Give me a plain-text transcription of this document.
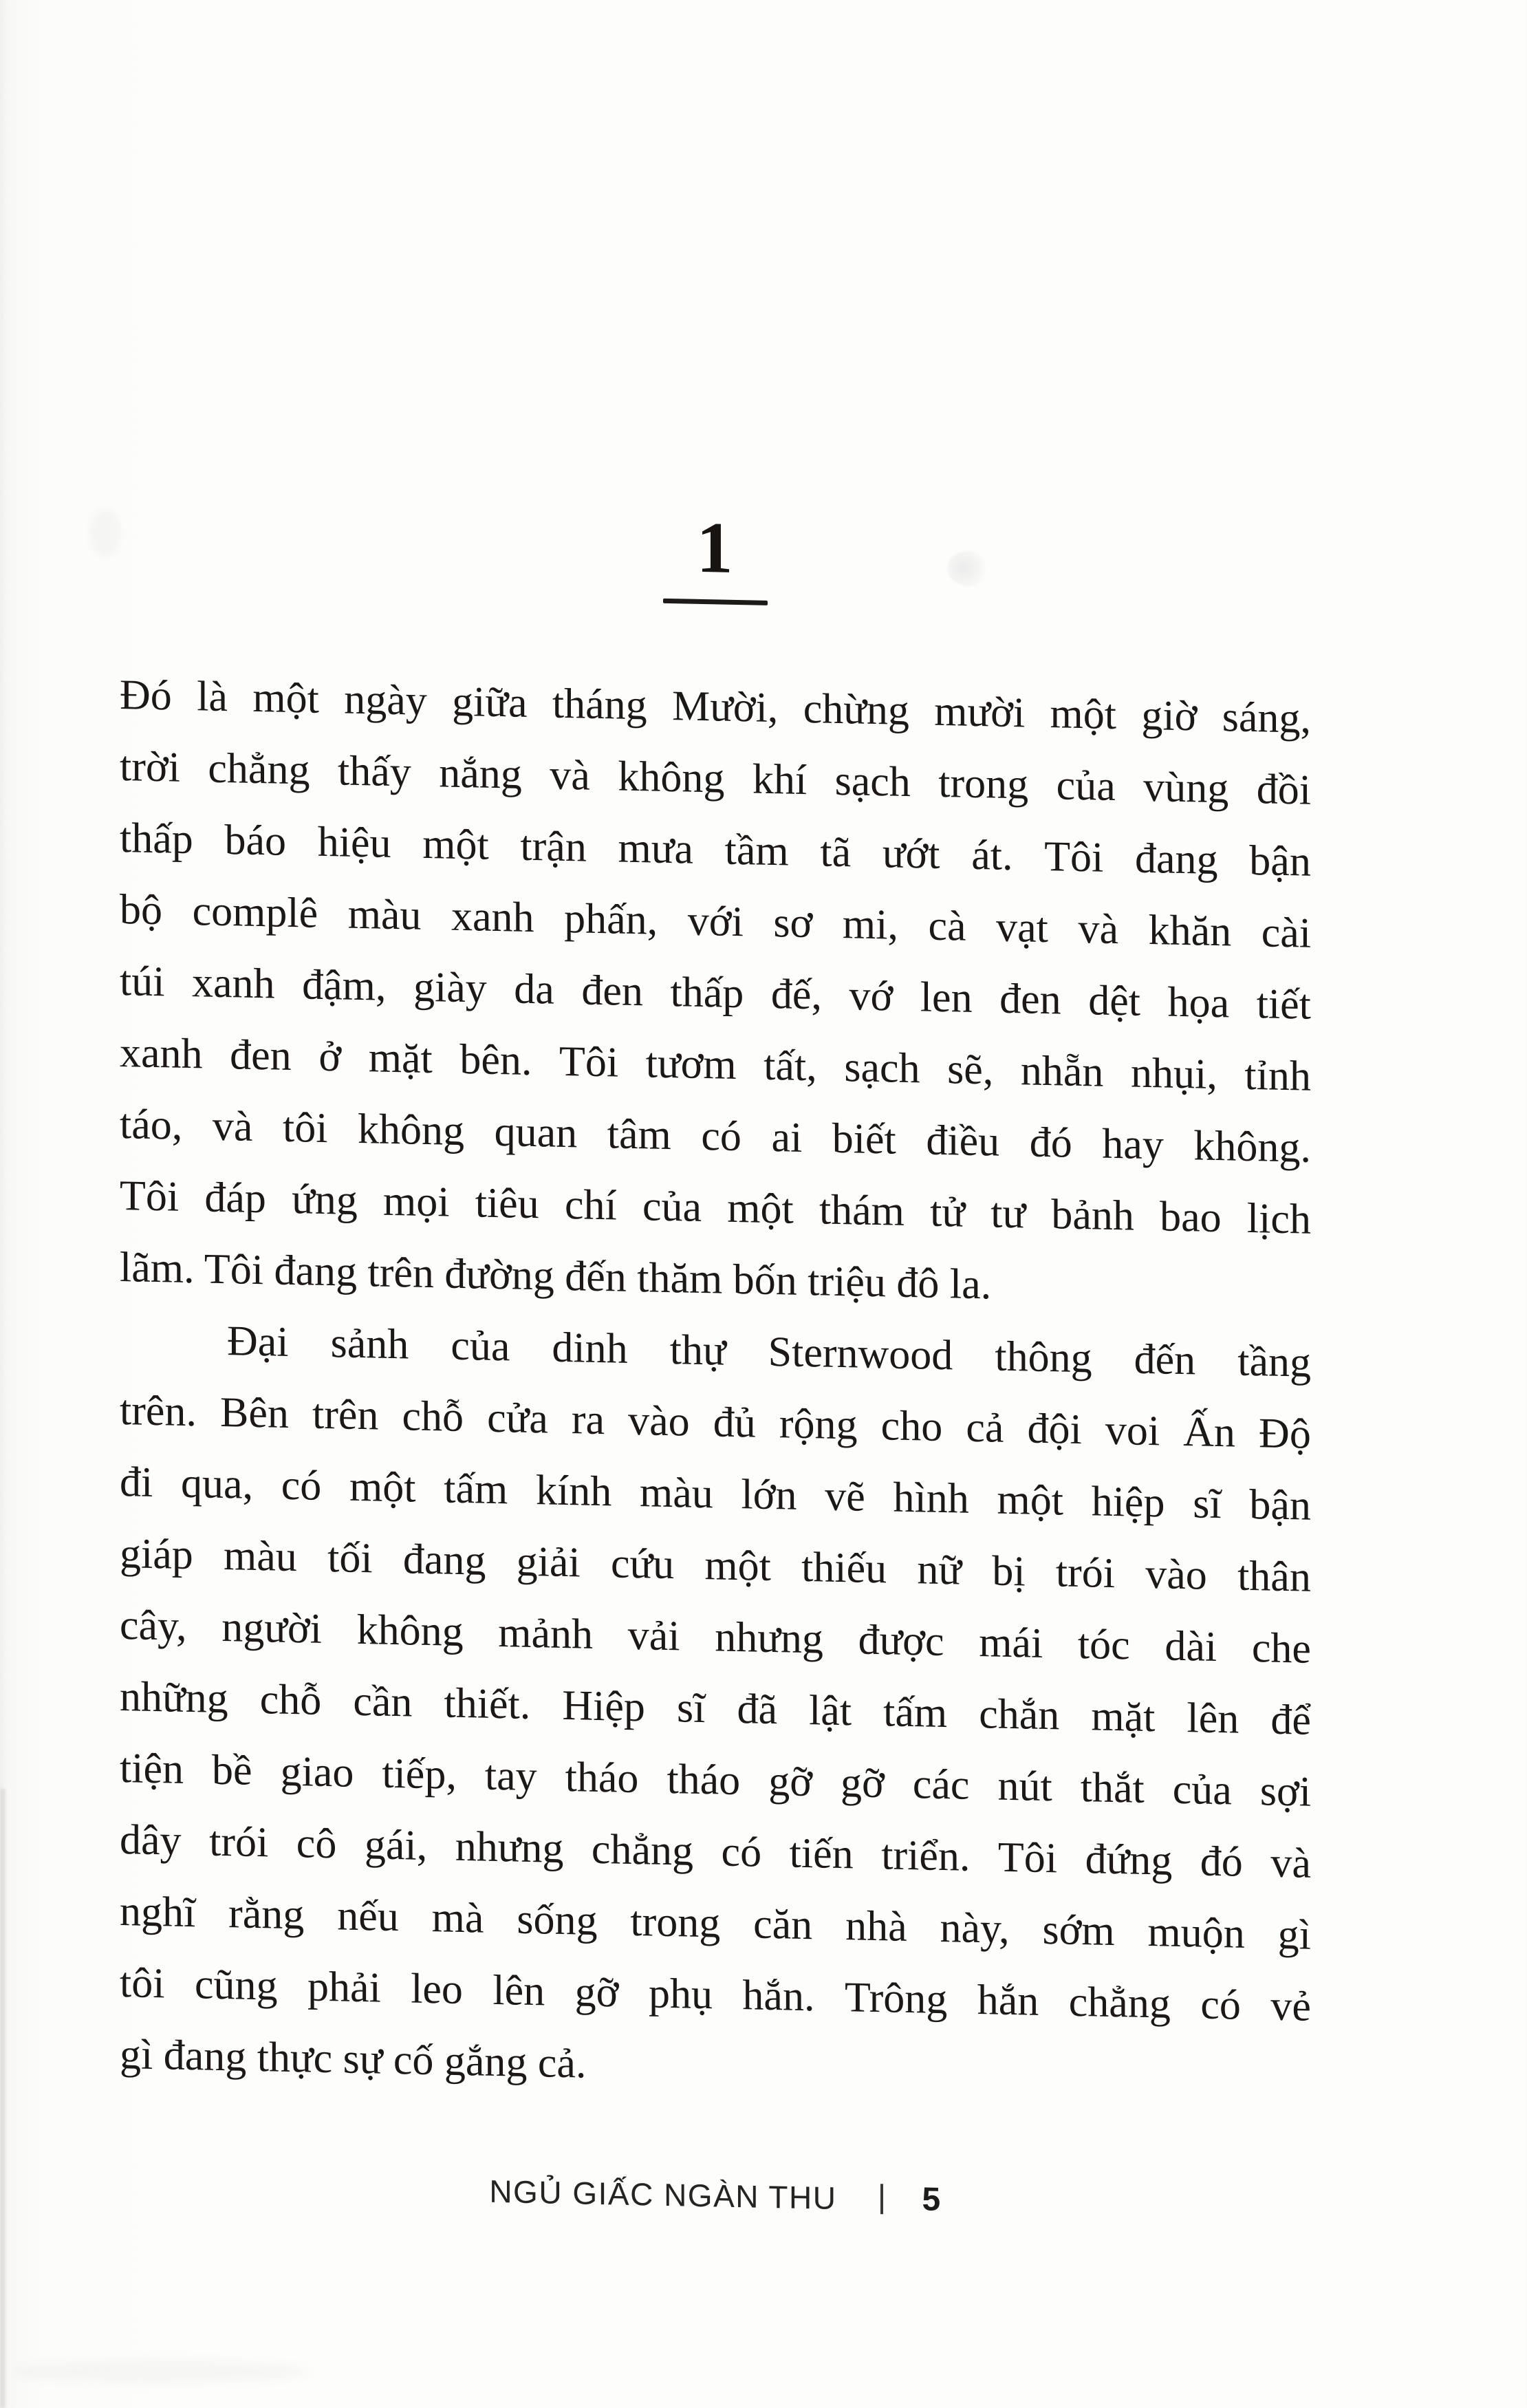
1
Đó là một ngày giữa tháng Mười, chừng mười một giờ sáng,
trời chẳng thấy nắng và không khí sạch trong của vùng đồi
thấp báo hiệu một trận mưa tầm tã ướt át. Tôi đang bận
bộ complê màu xanh phấn, với sơ mi, cà vạt và khăn cài
túi xanh đậm, giày da đen thấp đế, vớ len đen dệt họa tiết
xanh đen ở mặt bên. Tôi tươm tất, sạch sẽ, nhẵn nhụi, tỉnh
táo, và tôi không quan tâm có ai biết điều đó hay không.
Tôi đáp ứng mọi tiêu chí của một thám tử tư bảnh bao lịch
lãm. Tôi đang trên đường đến thăm bốn triệu đô la.
Đại sảnh của dinh thự Sternwood thông đến tầng
trên. Bên trên chỗ cửa ra vào đủ rộng cho cả đội voi Ấn Độ
đi qua, có một tấm kính màu lớn vẽ hình một hiệp sĩ bận
giáp màu tối đang giải cứu một thiếu nữ bị trói vào thân
cây, người không mảnh vải nhưng được mái tóc dài che
những chỗ cần thiết. Hiệp sĩ đã lật tấm chắn mặt lên để
tiện bề giao tiếp, tay tháo tháo gỡ gỡ các nút thắt của sợi
dây trói cô gái, nhưng chẳng có tiến triển. Tôi đứng đó và
nghĩ rằng nếu mà sống trong căn nhà này, sớm muộn gì
tôi cũng phải leo lên gỡ phụ hắn. Trông hắn chẳng có vẻ
gì đang thực sự cố gắng cả.
NGỦ GIẤC NGÀN THU	5
